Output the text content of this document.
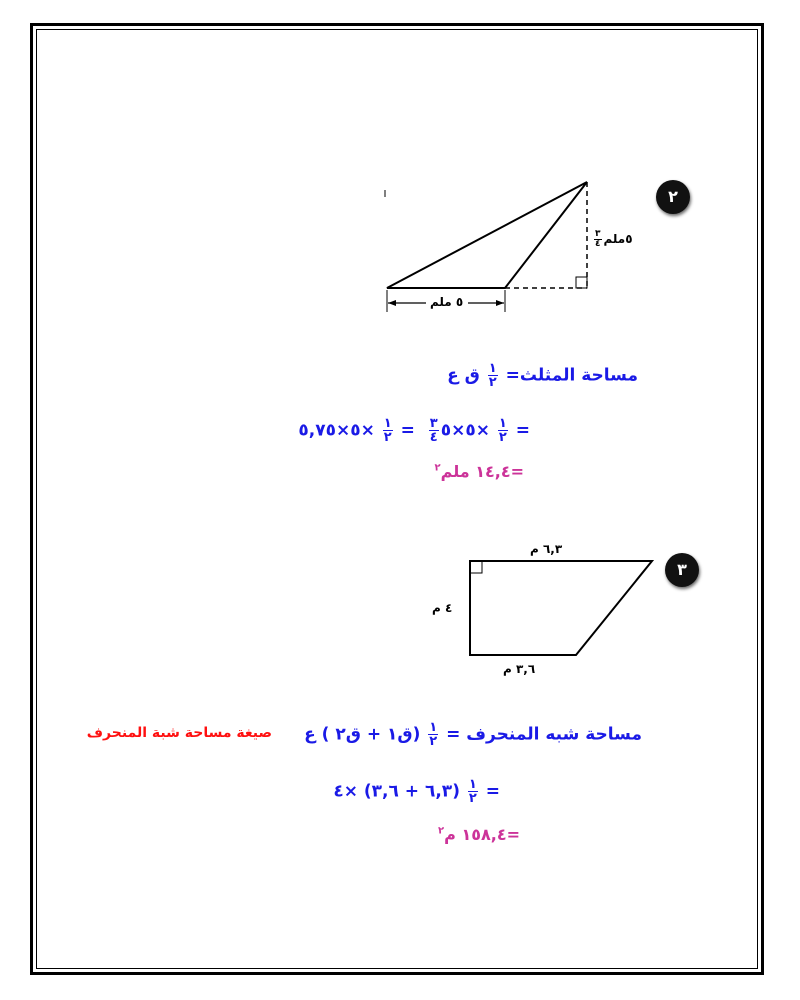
٢
٥ ملم
٥ملم
$\frac{٣}{٤}$
مساحة المثلث=
$\frac{١}{٢}$
ق ع
=
$\frac{١}{٢}$
×٥×٥
$\frac{٣}{٤}$
=
$\frac{١}{٢}$
×٥×٥,٧٥
=١٤,٤ ملم$^٢$
٣
٦,٣ م
٤ م
٣,٦ م
صيغة مساحة شبة المنحرف	مساحة شبه المنحرف =
$\frac{١}{٢}$
(ق١ + ق٢ ) ع
=
$\frac{١}{٢}$
(٦,٣ + ٣,٦) ×٤
=١٥٨,٤ م$^٢$
